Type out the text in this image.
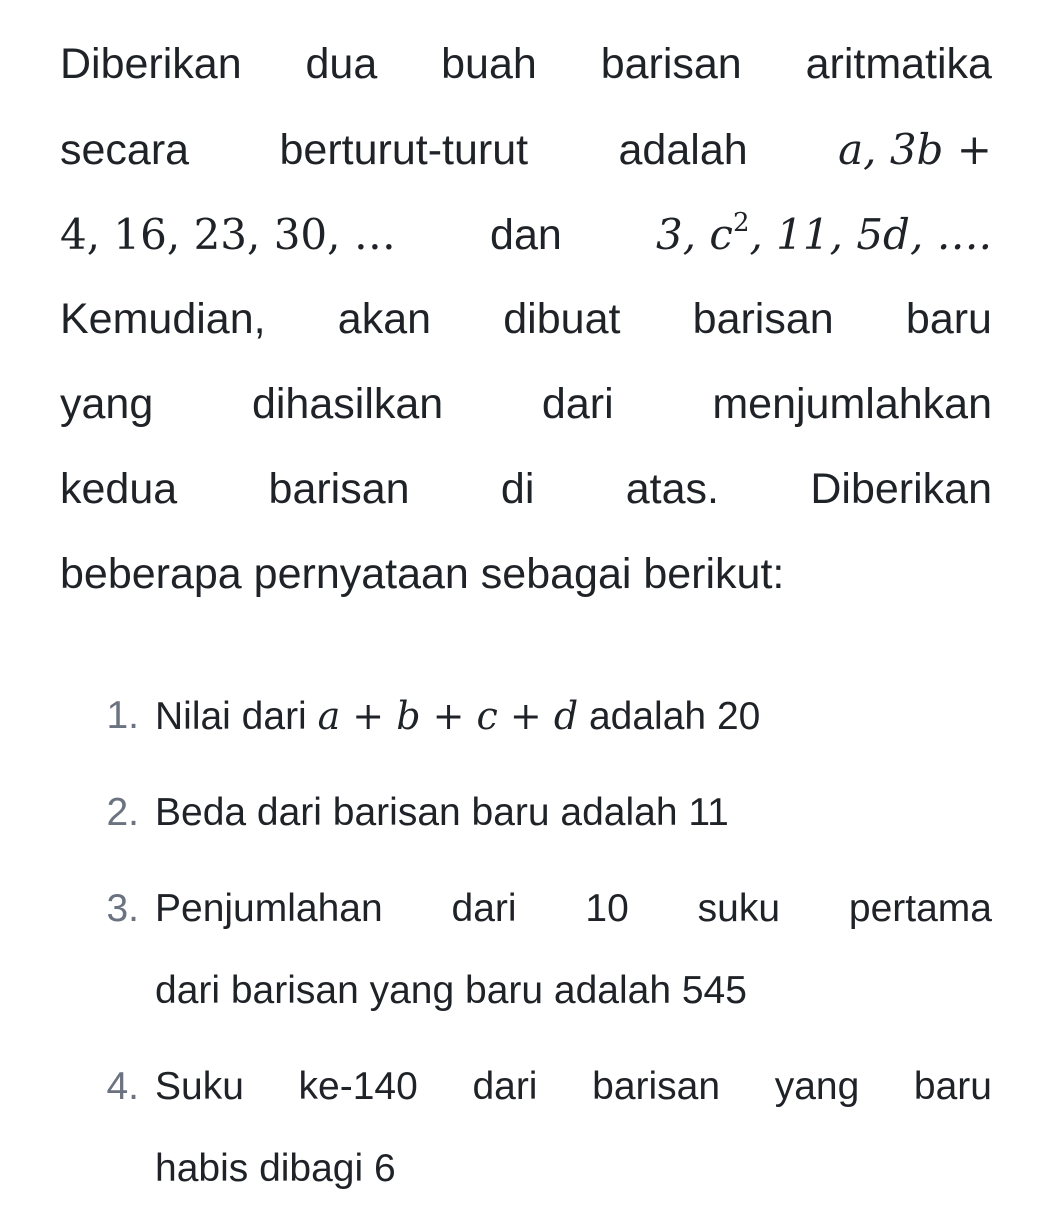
Diberikan dua buah barisan aritmatika
secara berturut-turut adalah a, 3b +
4, 16, 23, 30, … dan 3, $c^2$, 11, 5d, ….
Kemudian, akan dibuat barisan baru
yang dihasilkan dari menjumlahkan
kedua barisan di atas. Diberikan
beberapa pernyataan sebagai berikut:
1. Nilai dari a + b + c + d adalah 20
2. Beda dari barisan baru adalah 11
3. Penjumlahan dari 10 suku pertama
dari barisan yang baru adalah 545
4. Suku ke-140 dari barisan yang baru
habis dibagi 6
